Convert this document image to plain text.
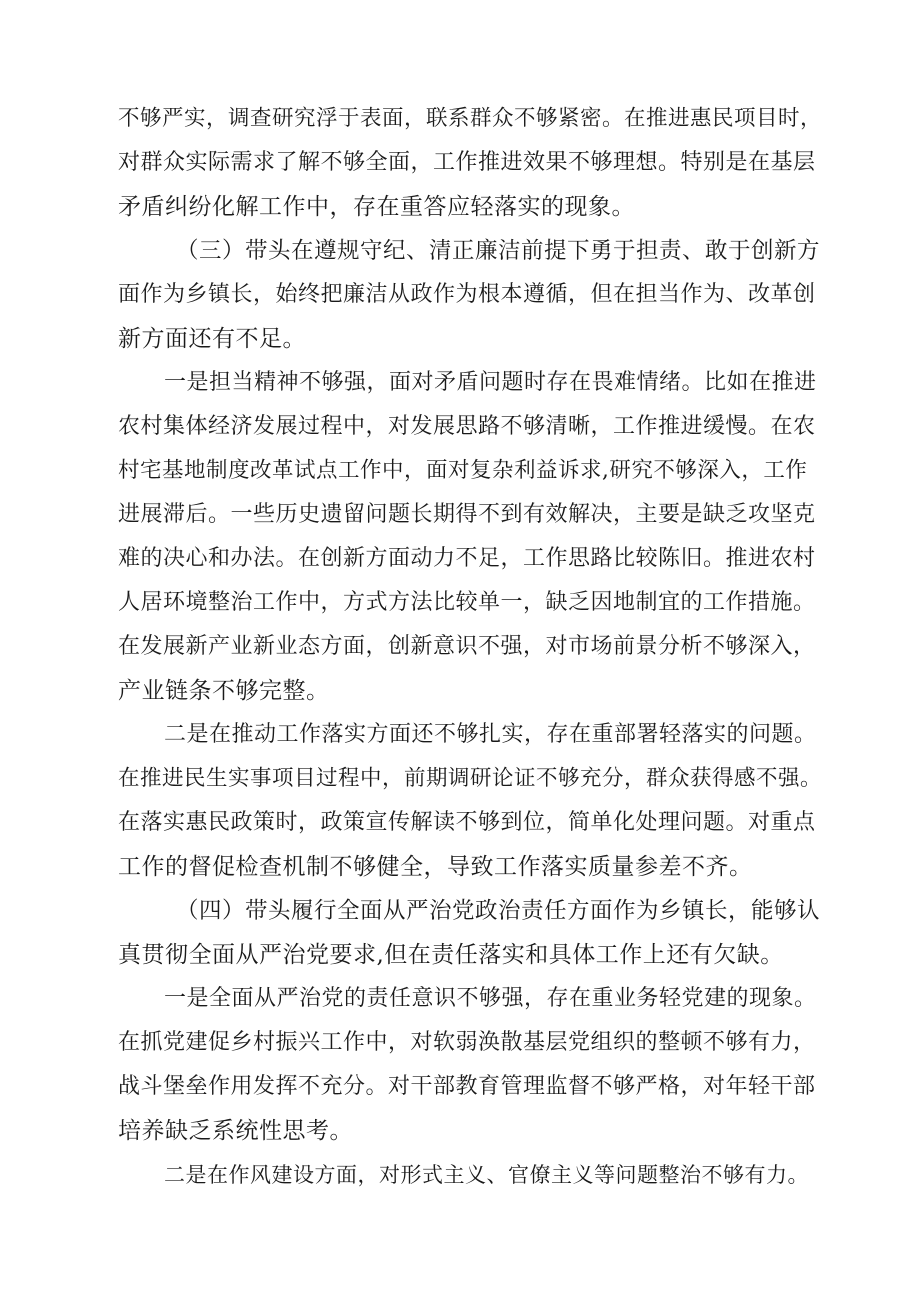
不够严实，调查研究浮于表面，联系群众不够紧密。在推进惠民项目时，
对群众实际需求了解不够全面，工作推进效果不够理想。特别是在基层
矛盾纠纷化解工作中，存在重答应轻落实的现象。
（三）带头在遵规守纪、清正廉洁前提下勇于担责、敢于创新方
面作为乡镇长，始终把廉洁从政作为根本遵循，但在担当作为、改革创
新方面还有不足。
一是担当精神不够强，面对矛盾问题时存在畏难情绪。比如在推进
农村集体经济发展过程中，对发展思路不够清晰，工作推进缓慢。在农
村宅基地制度改革试点工作中，面对复杂利益诉求,研究不够深入，工作
进展滞后。一些历史遗留问题长期得不到有效解决，主要是缺乏攻坚克
难的决心和办法。在创新方面动力不足，工作思路比较陈旧。推进农村
人居环境整治工作中，方式方法比较单一，缺乏因地制宜的工作措施。
在发展新产业新业态方面，创新意识不强，对市场前景分析不够深入，
产业链条不够完整。
二是在推动工作落实方面还不够扎实，存在重部署轻落实的问题。
在推进民生实事项目过程中，前期调研论证不够充分，群众获得感不强。
在落实惠民政策时，政策宣传解读不够到位，简单化处理问题。对重点
工作的督促检查机制不够健全，导致工作落实质量参差不齐。
（四）带头履行全面从严治党政治责任方面作为乡镇长，能够认
真贯彻全面从严治党要求,但在责任落实和具体工作上还有欠缺。
一是全面从严治党的责任意识不够强，存在重业务轻党建的现象。
在抓党建促乡村振兴工作中，对软弱涣散基层党组织的整顿不够有力，
战斗堡垒作用发挥不充分。对干部教育管理监督不够严格，对年轻干部
培养缺乏系统性思考。
二是在作风建设方面，对形式主义、官僚主义等问题整治不够有力。
